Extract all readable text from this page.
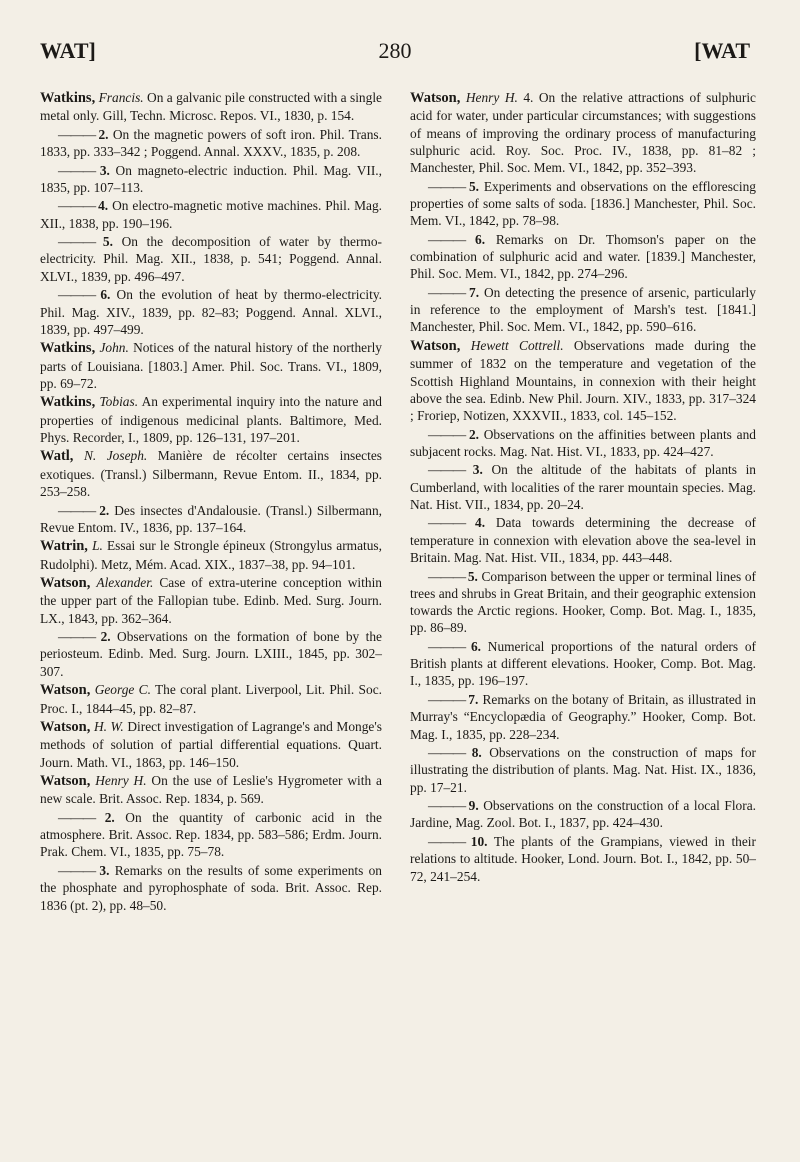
WAT]	280	[WAT

Watkins, Francis. On a galvanic pile constructed with a single metal only. Gill, Techn. Microsc. Repos. VI., 1830, p. 154.

——— 2. On the magnetic powers of soft iron. Phil. Trans. 1833, pp. 333–342 ; Poggend. Annal. XXXV., 1835, p. 208.

——— 3. On magneto-electric induction. Phil. Mag. VII., 1835, pp. 107–113.

——— 4. On electro-magnetic motive machines. Phil. Mag. XII., 1838, pp. 190–196.

——— 5. On the decomposition of water by thermo-electricity. Phil. Mag. XII., 1838, p. 541; Poggend. Annal. XLVI., 1839, pp. 496–497.

——— 6. On the evolution of heat by thermo-electricity. Phil. Mag. XIV., 1839, pp. 82–83; Poggend. Annal. XLVI., 1839, pp. 497–499.

Watkins, John. Notices of the natural history of the northerly parts of Louisiana. [1803.] Amer. Phil. Soc. Trans. VI., 1809, pp. 69–72.

Watkins, Tobias. An experimental inquiry into the nature and properties of indigenous medicinal plants. Baltimore, Med. Phys. Recorder, I., 1809, pp. 126–131, 197–201.

Watl, N. Joseph. Manière de récolter certains insectes exotiques. (Transl.) Silbermann, Revue Entom. II., 1834, pp. 253–258.

——— 2. Des insectes d'Andalousie. (Transl.) Silbermann, Revue Entom. IV., 1836, pp. 137–164.

Watrin, L. Essai sur le Strongle épineux (Strongylus armatus, Rudolphi). Metz, Mém. Acad. XIX., 1837–38, pp. 94–101.

Watson, Alexander. Case of extra-uterine conception within the upper part of the Fallopian tube. Edinb. Med. Surg. Journ. LX., 1843, pp. 362–364.

——— 2. Observations on the formation of bone by the periosteum. Edinb. Med. Surg. Journ. LXIII., 1845, pp. 302–307.

Watson, George C. The coral plant. Liverpool, Lit. Phil. Soc. Proc. I., 1844–45, pp. 82–87.

Watson, H. W. Direct investigation of Lagrange's and Monge's methods of solution of partial differential equations. Quart. Journ. Math. VI., 1863, pp. 146–150.

Watson, Henry H. On the use of Leslie's Hygrometer with a new scale. Brit. Assoc. Rep. 1834, p. 569.

——— 2. On the quantity of carbonic acid in the atmosphere. Brit. Assoc. Rep. 1834, pp. 583–586; Erdm. Journ. Prak. Chem. VI., 1835, pp. 75–78.

——— 3. Remarks on the results of some experiments on the phosphate and pyrophosphate of soda. Brit. Assoc. Rep. 1836 (pt. 2), pp. 48–50.

Watson, Henry H. 4. On the relative attractions of sulphuric acid for water, under particular circumstances; with suggestions of means of improving the ordinary process of manufacturing sulphuric acid. Roy. Soc. Proc. IV., 1838, pp. 81–82 ; Manchester, Phil. Soc. Mem. VI., 1842, pp. 352–393.

——— 5. Experiments and observations on the efflorescing properties of some salts of soda. [1836.] Manchester, Phil. Soc. Mem. VI., 1842, pp. 78–98.

——— 6. Remarks on Dr. Thomson's paper on the combination of sulphuric acid and water. [1839.] Manchester, Phil. Soc. Mem. VI., 1842, pp. 274–296.

——— 7. On detecting the presence of arsenic, particularly in reference to the employment of Marsh's test. [1841.] Manchester, Phil. Soc. Mem. VI., 1842, pp. 590–616.

Watson, Hewett Cottrell. Observations made during the summer of 1832 on the temperature and vegetation of the Scottish Highland Mountains, in connexion with their height above the sea. Edinb. New Phil. Journ. XIV., 1833, pp. 317–324 ; Froriep, Notizen, XXXVII., 1833, col. 145–152.

——— 2. Observations on the affinities between plants and subjacent rocks. Mag. Nat. Hist. VI., 1833, pp. 424–427.

——— 3. On the altitude of the habitats of plants in Cumberland, with localities of the rarer mountain species. Mag. Nat. Hist. VII., 1834, pp. 20–24.

——— 4. Data towards determining the decrease of temperature in connexion with elevation above the sea-level in Britain. Mag. Nat. Hist. VII., 1834, pp. 443–448.

——— 5. Comparison between the upper or terminal lines of trees and shrubs in Great Britain, and their geographic extension towards the Arctic regions. Hooker, Comp. Bot. Mag. I., 1835, pp. 86–89.

——— 6. Numerical proportions of the natural orders of British plants at different elevations. Hooker, Comp. Bot. Mag. I., 1835, pp. 196–197.

——— 7. Remarks on the botany of Britain, as illustrated in Murray's “Encyclopædia of Geography.” Hooker, Comp. Bot. Mag. I., 1835, pp. 228–234.

——— 8. Observations on the construction of maps for illustrating the distribution of plants. Mag. Nat. Hist. IX., 1836, pp. 17–21.

——— 9. Observations on the construction of a local Flora. Jardine, Mag. Zool. Bot. I., 1837, pp. 424–430.

——— 10. The plants of the Grampians, viewed in their relations to altitude. Hooker, Lond. Journ. Bot. I., 1842, pp. 50–72, 241–254.
